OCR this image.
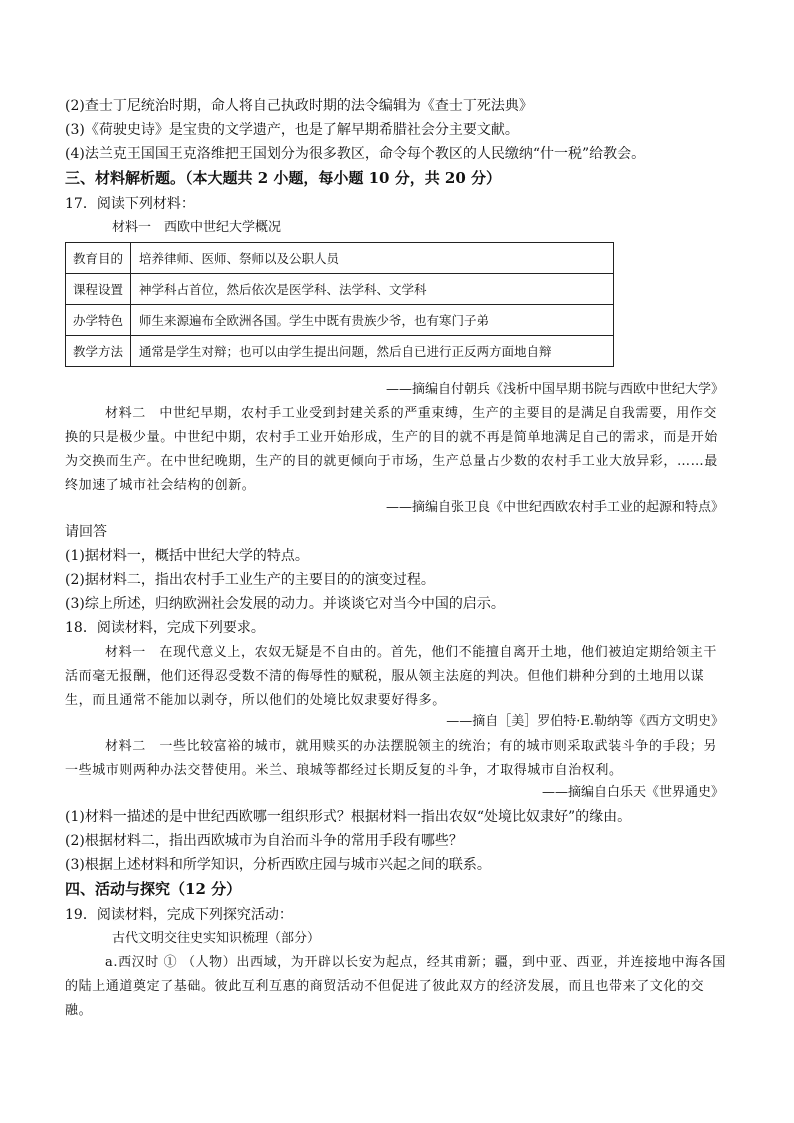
(2)查士丁尼统治时期，命人将自己执政时期的法令编辑为《查士丁死法典》
(3)《荷驶史诗》是宝贵的文学遗产，也是了解早期希腊社会分主要文献。
(4)法兰克王国国王克洛维把王国划分为很多教区，命令每个教区的人民缴纳“什一税”给教会。
三、材料解析题。（本大题共 2 小题，每小题 10 分，共 20 分）
17．阅读下列材料：
材料一　西欧中世纪大学概况
教育目的	培养律师、医师、祭师以及公职人员
课程设置	神学科占首位，然后依次是医学科、法学科、文学科
办学特色	师生来源遍布全欧洲各国。学生中既有贵族少爷，也有寒门子弟
教学方法	通常是学生对辩；也可以由学生提出问题，然后自已进行正反两方面地自辩
——摘编自付朝兵《浅析中国早期书院与西欧中世纪大学》
材料二　中世纪早期，农村手工业受到封建关系的严重束缚，生产的主要目的是满足自我需要，用作交换的只是极少量。中世纪中期，农村手工业开始形成，生产的目的就不再是简单地满足自己的需求，而是开始为交换而生产。在中世纪晚期，生产的目的就更倾向于市场，生产总量占少数的农村手工业大放异彩，……最终加速了城市社会结构的创新。
——摘编自张卫良《中世纪西欧农村手工业的起源和特点》
请回答
(1)据材料一，概括中世纪大学的特点。
(2)据材料二，指出农村手工业生产的主要目的的演变过程。
(3)综上所述，归纳欧洲社会发展的动力。并谈谈它对当今中国的启示。
18．阅读材料，完成下列要求。
材料一　在现代意义上，农奴无疑是不自由的。首先，他们不能擅自离开土地，他们被迫定期给领主干活而毫无报酬，他们还得忍受数不清的侮辱性的赋税，服从领主法庭的判决。但他们耕种分到的土地用以谋生，而且通常不能加以剥夺，所以他们的处境比奴隶要好得多。
——摘自［美］罗伯特·E.勒纳等《西方文明史》
材料二　一些比较富裕的城市，就用赎买的办法摆脱领主的统治；有的城市则采取武装斗争的手段；另一些城市则两种办法交替使用。米兰、琅城等都经过长期反复的斗争，才取得城市自治权利。
——摘编自白乐天《世界通史》
(1)材料一描述的是中世纪西欧哪一组织形式？根据材料一指出农奴“处境比奴隶好”的缘由。
(2)根据材料二，指出西欧城市为自治而斗争的常用手段有哪些？
(3)根据上述材料和所学知识，分析西欧庄园与城市兴起之间的联系。
四、活动与探究（12 分）
19．阅读材料，完成下列探究活动：
古代文明交往史实知识梳理（部分）
a.西汉时 ① （人物）出西域，为开辟以长安为起点，经其甫新；疆，到中亚、西亚，并连接地中海各国的陆上通道奠定了基础。彼此互利互惠的商贸活动不但促进了彼此双方的经济发展，而且也带来了文化的交融。
